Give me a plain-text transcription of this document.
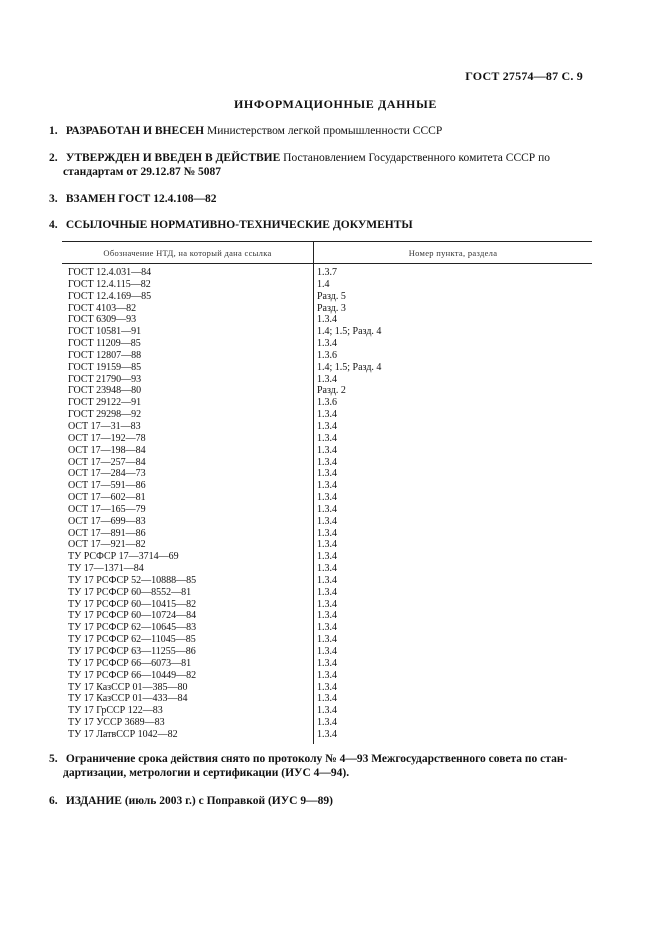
ГОСТ 27574—87 С. 9
ИНФОРМАЦИОННЫЕ ДАННЫЕ
1. РАЗРАБОТАН И ВНЕСЕН Министерством легкой промышленности СССР
2. УТВЕРЖДЕН И ВВЕДЕН В ДЕЙСТВИЕ Постановлением Государственного комитета СССР по
стандартам от 29.12.87 № 5087
3. ВЗАМЕН ГОСТ 12.4.108—82
4. ССЫЛОЧНЫЕ НОРМАТИВНО-ТЕХНИЧЕСКИЕ ДОКУМЕНТЫ
Обозначение НТД, на который дана ссылка	Номер пункта, раздела
ГОСТ 12.4.031—84	1.3.7
ГОСТ 12.4.115—82	1.4
ГОСТ 12.4.169—85	Разд. 5
ГОСТ 4103—82	Разд. 3
ГОСТ 6309—93	1.3.4
ГОСТ 10581—91	1.4; 1.5; Разд. 4
ГОСТ 11209—85	1.3.4
ГОСТ 12807—88	1.3.6
ГОСТ 19159—85	1.4; 1.5; Разд. 4
ГОСТ 21790—93	1.3.4
ГОСТ 23948—80	Разд. 2
ГОСТ 29122—91	1.3.6
ГОСТ 29298—92	1.3.4
ОСТ 17—31—83	1.3.4
ОСТ 17—192—78	1.3.4
ОСТ 17—198—84	1.3.4
ОСТ 17—257—84	1.3.4
ОСТ 17—284—73	1.3.4
ОСТ 17—591—86	1.3.4
ОСТ 17—602—81	1.3.4
ОСТ 17—165—79	1.3.4
ОСТ 17—699—83	1.3.4
ОСТ 17—891—86	1.3.4
ОСТ 17—921—82	1.3.4
ТУ РСФСР 17—3714—69	1.3.4
ТУ 17—1371—84	1.3.4
ТУ 17 РСФСР 52—10888—85	1.3.4
ТУ 17 РСФСР 60—8552—81	1.3.4
ТУ 17 РСФСР 60—10415—82	1.3.4
ТУ 17 РСФСР 60—10724—84	1.3.4
ТУ 17 РСФСР 62—10645—83	1.3.4
ТУ 17 РСФСР 62—11045—85	1.3.4
ТУ 17 РСФСР 63—11255—86	1.3.4
ТУ 17 РСФСР 66—6073—81	1.3.4
ТУ 17 РСФСР 66—10449—82	1.3.4
ТУ 17 КазССР 01—385—80	1.3.4
ТУ 17 КазССР 01—433—84	1.3.4
ТУ 17 ГрССР 122—83	1.3.4
ТУ 17 УССР 3689—83	1.3.4
ТУ 17 ЛатвССР 1042—82	1.3.4
5. Ограничение срока действия снято по протоколу № 4—93 Межгосударственного совета по стан-
дартизации, метрологии и сертификации (ИУС 4—94).
6. ИЗДАНИЕ (июль 2003 г.) с Поправкой (ИУС 9—89)
